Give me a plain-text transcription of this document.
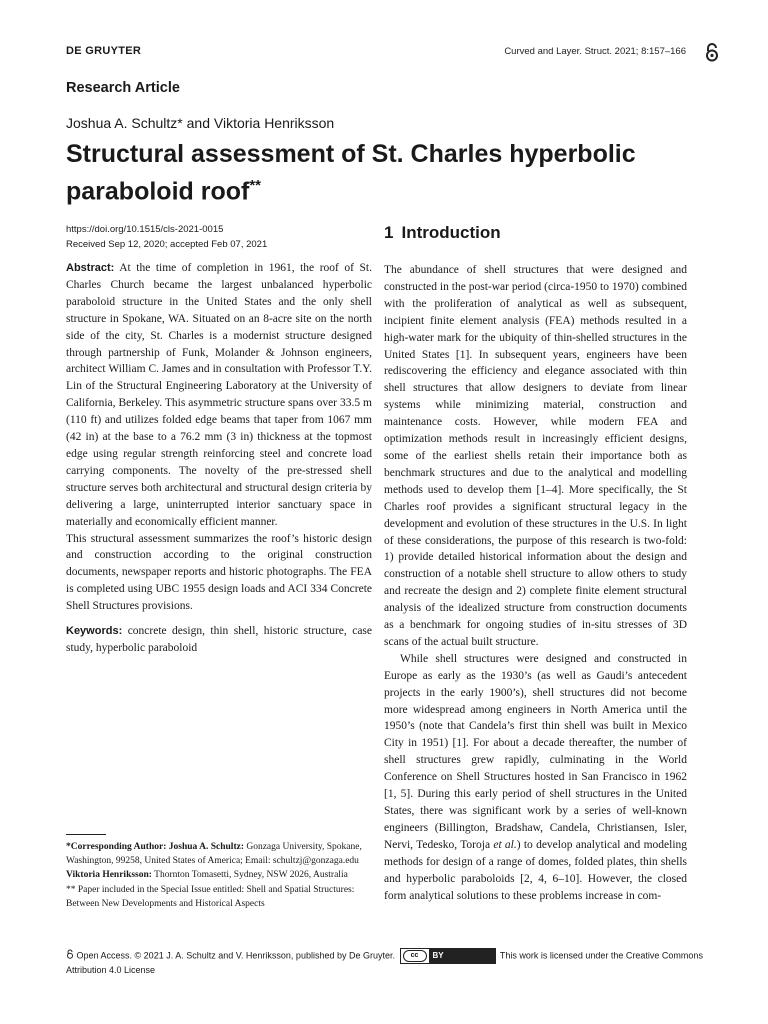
DE GRUYTER	Curved and Layer. Struct. 2021; 8:157–166
Research Article
Joshua A. Schultz* and Viktoria Henriksson
Structural assessment of St. Charles hyperbolic paraboloid roof**
https://doi.org/10.1515/cls-2021-0015
Received Sep 12, 2020; accepted Feb 07, 2021
1 Introduction

Abstract: At the time of completion in 1961, the roof of St. Charles Church became the largest unbalanced hyperbolic paraboloid structure in the United States and the only shell structure in Spokane, WA. Situated on an 8-acre site on the north side of the city, St. Charles is a modernist structure designed through partnership of Funk, Molander & Johnson engineers, architect William C. James and in consultation with Professor T.Y. Lin of the Structural Engineering Laboratory at the University of California, Berkeley. This asymmetric structure spans over 33.5 m (110 ft) and utilizes folded edge beams that taper from 1067 mm (42 in) at the base to a 76.2 mm (3 in) thickness at the topmost edge using regular strength reinforcing steel and concrete load carrying components. The novelty of the pre-stressed shell structure serves both architectural and structural design criteria by delivering a large, uninterrupted interior sanctuary space in materially and economically efficient manner.

This structural assessment summarizes the roof’s historic design and construction according to the original construction documents, newspaper reports and historic photographs. The FEA is completed using UBC 1955 design loads and ACI 334 Concrete Shell Structures provisions.

Keywords: concrete design, thin shell, historic structure, case study, hyperbolic paraboloid

The abundance of shell structures that were designed and constructed in the post-war period (circa-1950 to 1970) combined with the proliferation of analytical as well as subsequent, incipient finite element analysis (FEA) methods resulted in a high-water mark for the ubiquity of thin-shelled structures in the United States [1]. In subsequent years, engineers have been rediscovering the efficiency and elegance associated with thin shell structures that allow designers to deviate from linear systems while minimizing material, construction and maintenance costs. However, while modern FEA and optimization methods result in increasingly efficient designs, some of the earliest shells retain their importance both as benchmark structures and due to the analytical and modelling methods used to develop them [1–4]. More specifically, the St Charles roof provides a significant structural legacy in the development and evolution of these structures in the U.S. In light of these considerations, the purpose of this research is two-fold: 1) provide detailed historical information about the design and construction of a notable shell structure to allow others to study and recreate the design and 2) complete finite element structural analysis of the idealized structure from construction documents as a benchmark for ongoing studies of in-situ stresses of 3D scans of the actual built structure.

While shell structures were designed and constructed in Europe as early as the 1930’s (as well as Gaudi’s antecedent projects in the early 1900’s), shell structures did not become more widespread among engineers in North America until the 1950’s (note that Candela’s first thin shell was built in Mexico City in 1951) [1]. For about a decade thereafter, the number of shell structures grew rapidly, culminating in the World Conference on Shell Structures hosted in San Francisco in 1962 [1, 5]. During this early period of shell structures in the United States, there was significant work by a series of well-known engineers (Billington, Bradshaw, Candela, Christiansen, Isler, Nervi, Tedesko, Toroja et al.) to develop analytical and modeling methods for design of a range of domes, folded plates, thin shells and hyperbolic paraboloids [2, 4, 6–10]. However, the closed form analytical solutions to these problems increase in com-

*Corresponding Author: Joshua A. Schultz: Gonzaga University, Spokane, Washington, 99258, United States of America; Email: schultzj@gonzaga.edu

Viktoria Henriksson: Thornton Tomasetti, Sydney, NSW 2026, Australia

** Paper included in the Special Issue entitled: Shell and Spatial Structures: Between New Developments and Historical Aspects

Open Access. © 2021 J. A. Schultz and V. Henriksson, published by De Gruyter.	cc	BY	This work is licensed under the Creative Commons Attribution 4.0 License
